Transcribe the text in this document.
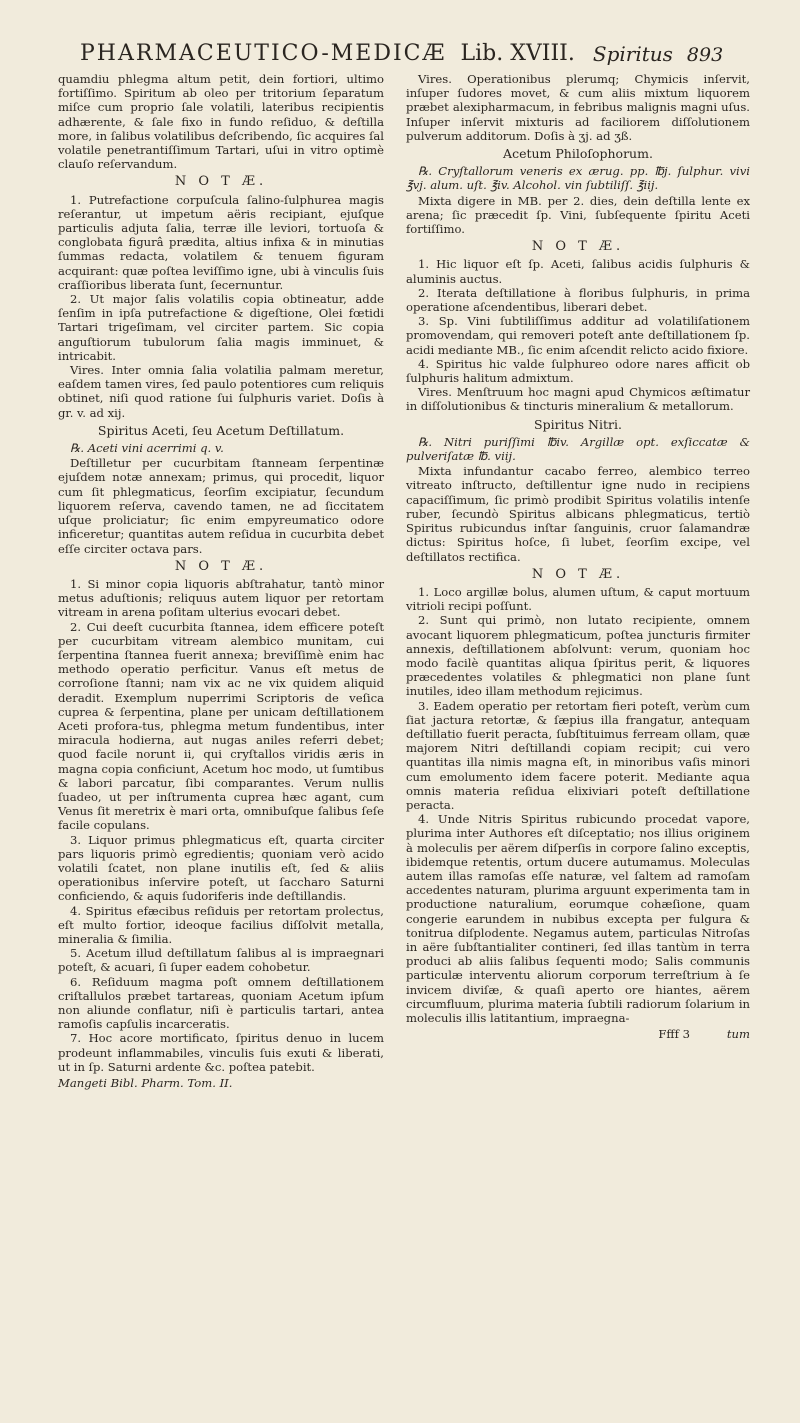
PHARMACEUTICO-MEDICÆ Lib. XVIII. Spiritus 893

quamdiu phlegma altum petit, dein fortiori, ultimo fortiſſimo. Spiritum ab oleo per tritorium ſeparatum miſce cum proprio ſale volatili, lateribus recipientis adhærente, & ſale fixo in fundo reſiduo, & deſtilla more, in ſalibus volatilibus deſcribendo, ſic acquires ſal volatile penetrantiſſimum Tartari, uſui in vitro optimè clauſo reſervandum.

N O T Æ.

1. Putrefactione corpuſcula ſalino-ſulphurea magis reſerantur, ut impetum aëris recipiant, ejuſque particulis adjuta ſalia, terræ ille leviori, tortuoſa & conglobata figurâ prædita, altius infixa & in minutias ſummas redacta, volatilem & tenuem figuram acquirant: quæ poſtea leviſſimo igne, ubi à vinculis ſuis craſſioribus liberata ſunt, ſecernuntur.

2. Ut major ſalis volatilis copia obtineatur, adde ſenſim in ipſa putrefactione & digeſtione, Olei fœtidi Tartari trigeſimam, vel circiter partem. Sic copia anguſtiorum tubulorum ſalia magis imminuet, & intricabit.

Vires. Inter omnia ſalia volatilia palmam meretur, eaſdem tamen vires, ſed paulo potentiores cum reliquis obtinet, niſi quod ratione ſui ſulphuris variet. Doſis à gr. v. ad xij.

Spiritus Aceti, ſeu Acetum Deſtillatum.

℞. Aceti vini acerrimi q. v.

Deſtilletur per cucurbitam ſtanneam ſerpentinæ ejuſdem notæ annexam; primus, qui procedit, liquor cum ſit phlegmaticus, ſeorſim excipiatur, ſecundum liquorem reſerva, cavendo tamen, ne ad ſiccitatem uſque proliciatur; ſic enim empyreumatico odore inficeretur; quantitas autem reſidua in cucurbita debet eſſe circiter octava pars.

N O T Æ.

1. Si minor copia liquoris abſtrahatur, tantò minor metus aduſtionis; reliquus autem liquor per retortam vitream in arena poſitam ulterius evocari debet.

2. Cui deeſt cucurbita ſtannea, idem efficere poteſt per cucurbitam vitream alembico munitam, cui ſerpentina ſtannea fuerit annexa; breviſſimè enim hac methodo operatio perficitur. Vanus eſt metus de corroſione ſtanni; nam vix ac ne vix quidem aliquid deradit. Exemplum nuperrimi Scriptoris de veſica cuprea & ſerpentina, plane per unicam deſtillationem Aceti profora-tus, phlegma metum fundentibus, inter miracula hodierna, aut nugas aniles referri debet; quod facile norunt ii, qui cryſtallos viridis æris in magna copia conficiunt, Acetum hoc modo, ut ſumtibus & labori parcatur, ſibi comparantes. Verum nullis ſuadeo, ut per inſtrumenta cuprea hæc agant, cum Venus ſit meretrix è mari orta, omnibuſque ſalibus ſeſe facile copulans.

3. Liquor primus phlegmaticus eſt, quarta circiter pars liquoris primò egredientis; quoniam verò acido volatili ſcatet, non plane inutilis eſt, ſed & aliis operationibus inſervire poteſt, ut ſaccharo Saturni conficiendo, & aquis ſudoriferis inde deſtillandis.

4. Spiritus efæcibus reſiduis per retortam prolectus, eſt multo fortior, ideoque facilius diſſolvit metalla, mineralia & ſimilia.

5. Acetum illud deſtillatum ſalibus al is impraegnari poteſt, & acuari, ſi ſuper eadem cohobetur.

6. Reſiduum magma poſt omnem deſtillationem criſtallulos præbet tartareas, quoniam Acetum ipſum non aliunde conflatur, niſi è particulis tartari, antea ramoſis capſulis incarceratis.

7. Hoc acore mortificato, ſpiritus denuo in lucem prodeunt inflammabiles, vinculis ſuis exuti & liberati, ut in ſp. Saturni ardente &c. poſtea patebit.

Mangeti Bibl. Pharm. Tom. II.

Vires. Operationibus plerumq; Chymicis inſervit, inſuper ſudores movet, & cum aliis mixtum liquorem præbet alexipharmacum, in febribus malignis magni uſus. Inſuper inſervit mixturis ad faciliorem diſſolutionem pulverum additorum. Doſis à ʒj. ad ʒß.

Acetum Philoſophorum.

℞. Cryſtallorum veneris ex ærug. pp. ℔j. ſulphur. vivi ℥vj. alum. uſt. ℥iv. Alcohol. vin ſubtiliſſ. ℥iij.

Mixta digere in MB. per 2. dies, dein deſtilla lente ex arena; ſic præcedit ſp. Vini, ſubſequente ſpiritu Aceti fortiſſimo.

N O T Æ.

1. Hic liquor eſt ſp. Aceti, ſalibus acidis ſulphuris & aluminis auctus.

2. Iterata deſtillatione à floribus ſulphuris, in prima operatione aſcendentibus, liberari debet.

3. Sp. Vini ſubtiliſſimus additur ad volatiliſationem promovendam, qui removeri poteſt ante deſtillationem ſp. acidi mediante MB., ſic enim aſcendit relicto acido fixiore.

4. Spiritus hic valde ſulphureo odore nares afficit ob ſulphuris halitum admixtum.

Vires. Menſtruum hoc magni apud Chymicos æſtimatur in diſſolutionibus & tincturis mineralium & metallorum.

Spiritus Nitri.

℞. Nitri puriſſimi ℔iv. Argillæ opt. exſiccatæ & pulveriſatæ ℔. viij.

Mixta infundantur cacabo ferreo, alembico terreo vitreato inſtructo, deſtillentur igne nudo in recipiens capaciſſimum, ſic primò prodibit Spiritus volatilis intenſe ruber, ſecundò Spiritus albicans phlegmaticus, tertiò Spiritus rubicundus inſtar ſanguinis, cruor ſalamandræ dictus: Spiritus hoſce, ſi lubet, ſeorſim excipe, vel deſtillatos rectifica.

N O T Æ.

1. Loco argillæ bolus, alumen uſtum, & caput mortuum vitrioli recipi poſſunt.

2. Sunt qui primò, non lutato recipiente, omnem avocant liquorem phlegmaticum, poſtea juncturis firmiter annexis, deſtillationem abſolvunt: verum, quoniam hoc modo facilè quantitas aliqua ſpiritus perit, & liquores præcedentes volatiles & phlegmatici non plane ſunt inutiles, ideo illam methodum rejicimus.

3. Eadem operatio per retortam fieri poteſt, verùm cum ſiat jactura retortæ, & ſæpius illa frangatur, antequam deſtillatio fuerit peracta, ſubſtituimus ferream ollam, quæ majorem Nitri deſtillandi copiam recipit; cui vero quantitas illa nimis magna eſt, in minoribus vaſis minori cum emolumento idem facere poterit. Mediante aqua omnis materia reſidua elixiviari poteſt deſtillatione peracta.

4. Unde Nitris Spiritus rubicundo procedat vapore, plurima inter Authores eſt diſceptatio; nos illius originem à moleculis per aërem diſperſis in corpore ſalino exceptis, ibidemque retentis, ortum ducere autumamus. Moleculas autem illas ramoſas eſſe naturæ, vel ſaltem ad ramoſam accedentes naturam, plurima arguunt experimenta tam in productione naturalium, eorumque cohæſione, quam congerie earundem in nubibus excepta per fulgura & tonitrua diſplodente. Negamus autem, particulas Nitroſas in aëre ſubſtantialiter contineri, ſed illas tantùm in terra produci ab aliis ſalibus ſequenti modo; Salis communis particulæ interventu aliorum corporum terreſtrium à ſe invicem diviſæ, & quaſi aperto ore hiantes, aërem circumfluum, plurima materia ſubtili radiorum ſolarium in moleculis illis latitantium, impraegna-

Ffff 3	tum
